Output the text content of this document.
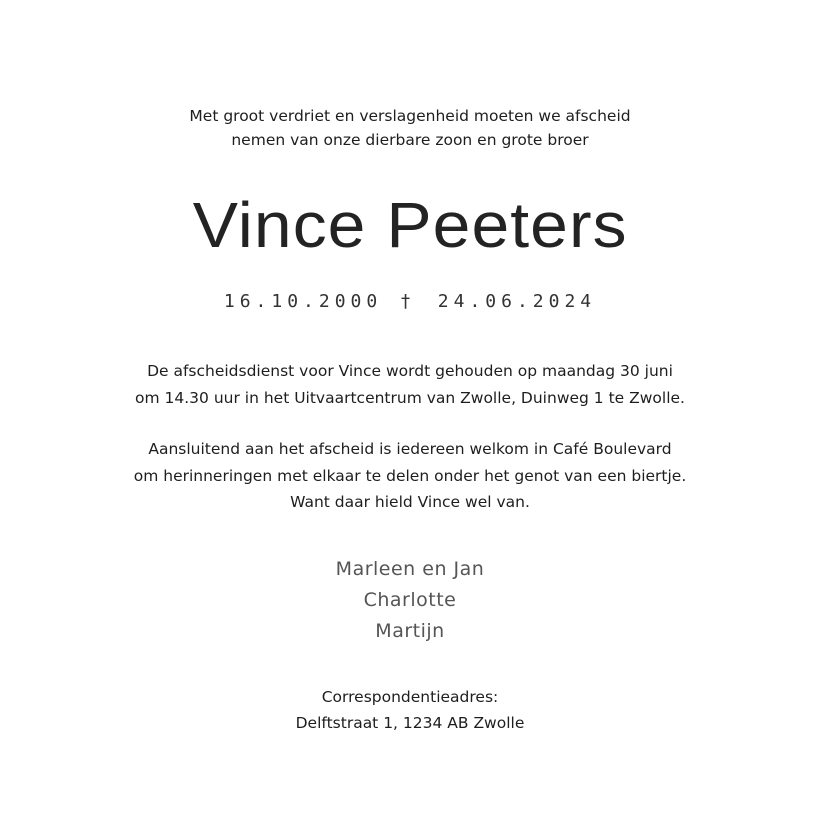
Met groot verdriet en verslagenheid moeten we afscheid
nemen van onze dierbare zoon en grote broer
Vince Peeters
16.10.2000 † 24.06.2024
De afscheidsdienst voor Vince wordt gehouden op maandag 30 juni
om 14.30 uur in het Uitvaartcentrum van Zwolle, Duinweg 1 te Zwolle.
Aansluitend aan het afscheid is iedereen welkom in Café Boulevard
om herinneringen met elkaar te delen onder het genot van een biertje.
Want daar hield Vince wel van.
Marleen en Jan
Charlotte
Martijn
Correspondentieadres:
Delftstraat 1, 1234 AB Zwolle
